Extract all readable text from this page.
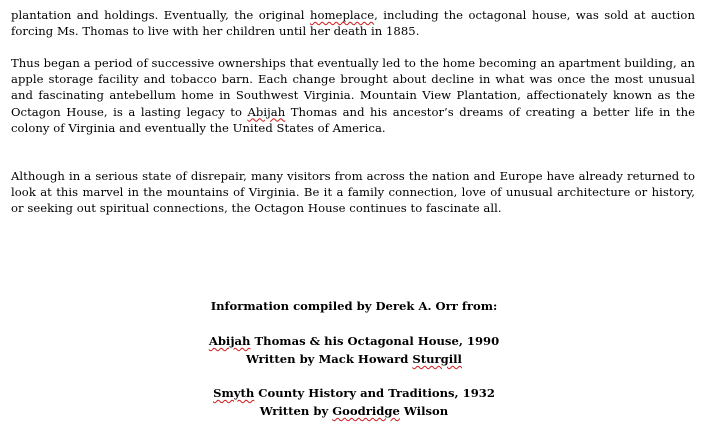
plantation and holdings. Eventually, the original homeplace, including the octagonal house, was sold at auction forcing Ms. Thomas to live with her children until her death in 1885.

Thus began a period of successive ownerships that eventually led to the home becoming an apartment building, an apple storage facility and tobacco barn. Each change brought about decline in what was once the most unusual and fascinating antebellum home in Southwest Virginia. Mountain View Plantation, affectionately known as the Octagon House, is a lasting legacy to Abijah Thomas and his ancestor’s dreams of creating a better life in the colony of Virginia and eventually the United States of America.

Although in a serious state of disrepair, many visitors from across the nation and Europe have already returned to look at this marvel in the mountains of Virginia. Be it a family connection, love of unusual architecture or history, or seeking out spiritual connections, the Octagon House continues to fascinate all.

Information compiled by Derek A. Orr from:

Abijah Thomas & his Octagonal House, 1990

Written by Mack Howard Sturgill

Smyth County History and Traditions, 1932

Written by Goodridge Wilson
